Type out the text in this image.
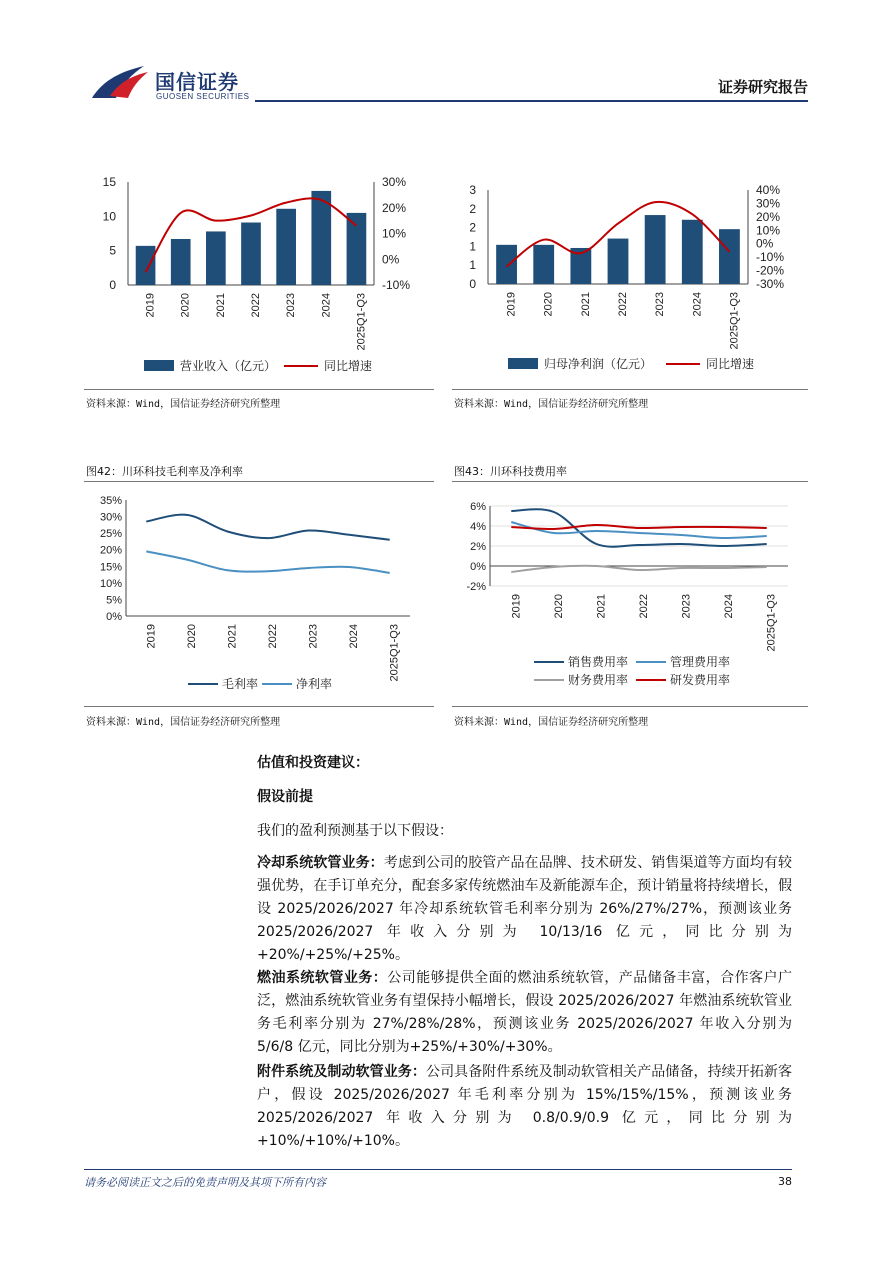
国信证券
GUOSEN SECURITIES
证券研究报告
15
10
5
0
30%
20%
10%
0%
-10%
2019 2020 2021 2022 2023 2024 2025Q1-Q3
营业收入（亿元）	同比增速
资料来源：Wind，国信证券经济研究所整理
3
2
2
1
1
0
40%
30%
20%
10%
0%
-10%
-20%
-30%
2019 2020 2021 2022 2023 2024 2025Q1-Q3
归母净利润（亿元）	同比增速
资料来源：Wind，国信证券经济研究所整理
图42：川环科技毛利率及净利率
35%
30%
25%
20%
15%
10%
5%
0%
2019	2020	2021	2022	2023	2024	2025Q1-Q3
毛利率	净利率
资料来源：Wind，国信证券经济研究所整理
图43：川环科技费用率
6%
4%
2%
0%
-2%
2019	2020	2021	2022	2023	2024	2025Q1-Q3
销售费用率	管理费用率
财务费用率	研发费用率
资料来源：Wind，国信证券经济研究所整理

估值和投资建议：

假设前提

我们的盈利预测基于以下假设：

冷却系统软管业务：考虑到公司的胶管产品在品牌、技术研发、销售渠道等方面均有较强优势，在手订单充分，配套多家传统燃油车及新能源车企，预计销量将持续增长，假设 2025/2026/2027 年冷却系统软管毛利率分别为 26%/27%/27%，预测该业务 2025/2026/2027 年收入分别为 10/13/16 亿元，同比分别为+20%/+25%/+25%。

燃油系统软管业务：公司能够提供全面的燃油系统软管，产品储备丰富，合作客户广泛，燃油系统软管业务有望保持小幅增长，假设 2025/2026/2027 年燃油系统软管业务毛利率分别为 27%/28%/28%，预测该业务 2025/2026/2027 年收入分别为 5/6/8 亿元，同比分别为+25%/+30%/+30%。

附件系统及制动软管业务：公司具备附件系统及制动软管相关产品储备，持续开拓新客户，假设 2025/2026/2027 年毛利率分别为 15%/15%/15%，预测该业务 2025/2026/2027 年收入分别为 0.8/0.9/0.9 亿元，同比分别为+10%/+10%/+10%。

请务必阅读正文之后的免责声明及其项下所有内容	38
